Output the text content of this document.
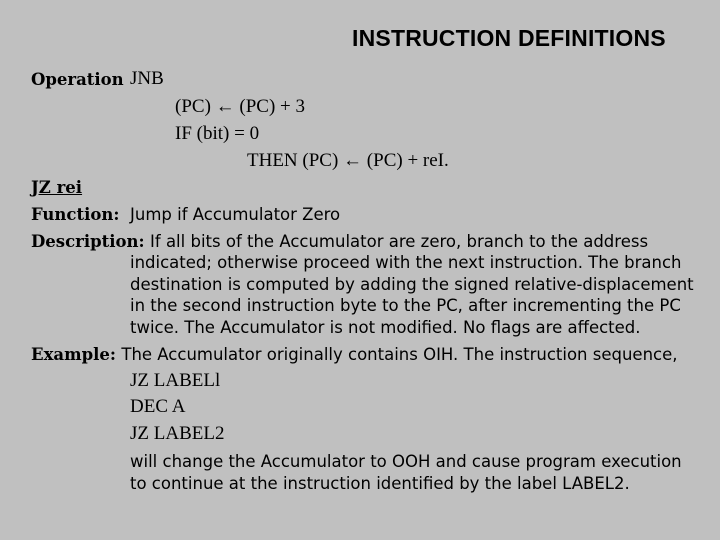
INSTRUCTION DEFINITIONS
Operation JNB
(PC) ← (PC) + 3
IF (bit) = 0
THEN (PC) ← (PC) + reI.
JZ rei
Function: Jump if Accumulator Zero
Description: If all bits of the Accumulator are zero, branch to the address
indicated; otherwise proceed with the next instruction. The branch
destination is computed by adding the signed relative-displacement
in the second instruction byte to the PC, after incrementing the PC
twice. The Accumulator is not modified. No flags are affected.
Example: The Accumulator originally contains OIH. The instruction sequence,
JZ LABELl
DEC A
JZ LABEL2
will change the Accumulator to OOH and cause program execution
to continue at the instruction identified by the label LABEL2.
